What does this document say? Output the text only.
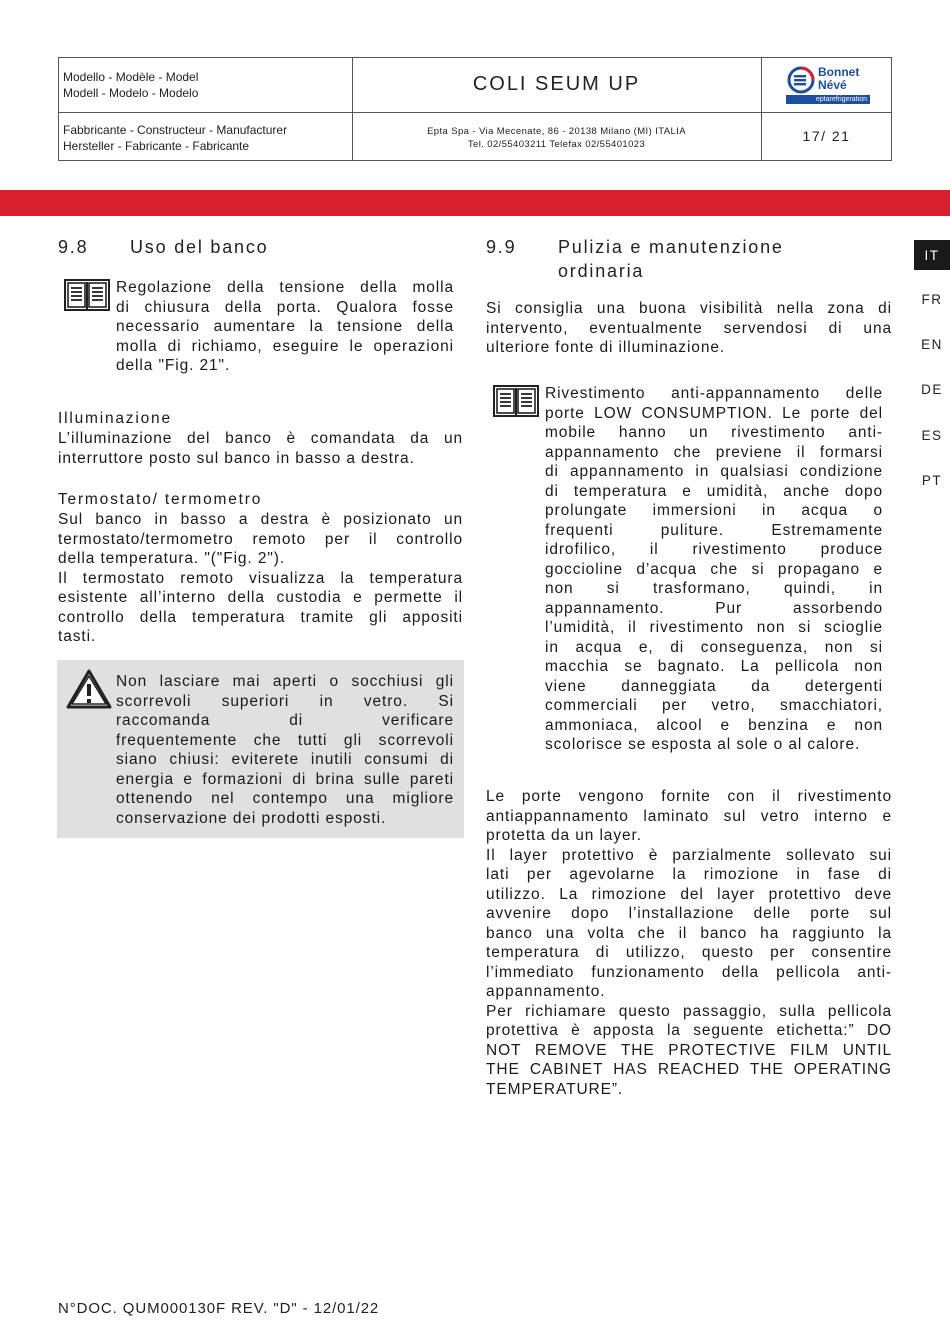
Modello - Modèle - Model
Modell - Modelo - Modelo	COLI SEUM UP
Bonnet
Névé
eptarefrigeration
Fabbricante - Constructeur - Manufacturer
Hersteller - Fabricante - Fabricante
Epta Spa - Via Mecenate, 86 - 20138 Milano (MI) ITALIA
Tel. 02/55403211 Telefax 02/55401023
17/ 21
IT
FR
EN
DE
ES
PT
9.8 Uso del banco
Regolazione della tensione della molla
di chiusura della porta. Qualora fosse
necessario aumentare la tensione della
molla di richiamo, eseguire le operazioni
della "Fig. 21".
Illuminazione
L’illuminazione del banco è comandata da un
interruttore posto sul banco in basso a destra.
Termostato/ termometro
Sul banco in basso a destra è posizionato un
termostato/termometro remoto per il controllo
della temperatura. "("Fig. 2").
Il termostato remoto visualizza la temperatura
esistente all’interno della custodia e permette il
controllo della temperatura tramite gli appositi
tasti.
Non lasciare mai aperti o socchiusi gli
scorrevoli superiori in vetro. Si
raccomanda di verificare
frequentemente che tutti gli scorrevoli
siano chiusi: eviterete inutili consumi di
energia e formazioni di brina sulle pareti
ottenendo nel contempo una migliore
conservazione dei prodotti esposti.
9.9 Pulizia e manutenzione
ordinaria
Si consiglia una buona visibilità nella zona di
intervento, eventualmente servendosi di una
ulteriore fonte di illuminazione.
Rivestimento anti-appannamento delle
porte LOW CONSUMPTION. Le porte del
mobile hanno un rivestimento anti-
appannamento che previene il formarsi
di appannamento in qualsiasi condizione
di temperatura e umidità, anche dopo
prolungate immersioni in acqua o
frequenti puliture. Estremamente
idrofilico, il rivestimento produce
goccioline d’acqua che si propagano e
non si trasformano, quindi, in
appannamento. Pur assorbendo
l’umidità, il rivestimento non si scioglie
in acqua e, di conseguenza, non si
macchia se bagnato. La pellicola non
viene danneggiata da detergenti
commerciali per vetro, smacchiatori,
ammoniaca, alcool e benzina e non
scolorisce se esposta al sole o al calore.
Le porte vengono fornite con il rivestimento
antiappannamento laminato sul vetro interno e
protetta da un layer.
Il layer protettivo è parzialmente sollevato sui
lati per agevolarne la rimozione in fase di
utilizzo. La rimozione del layer protettivo deve
avvenire dopo l’installazione delle porte sul
banco una volta che il banco ha raggiunto la
temperatura di utilizzo, questo per consentire
l’immediato funzionamento della pellicola anti-
appannamento.
Per richiamare questo passaggio, sulla pellicola
protettiva è apposta la seguente etichetta:” DO
NOT REMOVE THE PROTECTIVE FILM UNTIL
THE CABINET HAS REACHED THE OPERATING
TEMPERATURE”.
N°DOC. QUM000130F REV. "D" - 12/01/22
